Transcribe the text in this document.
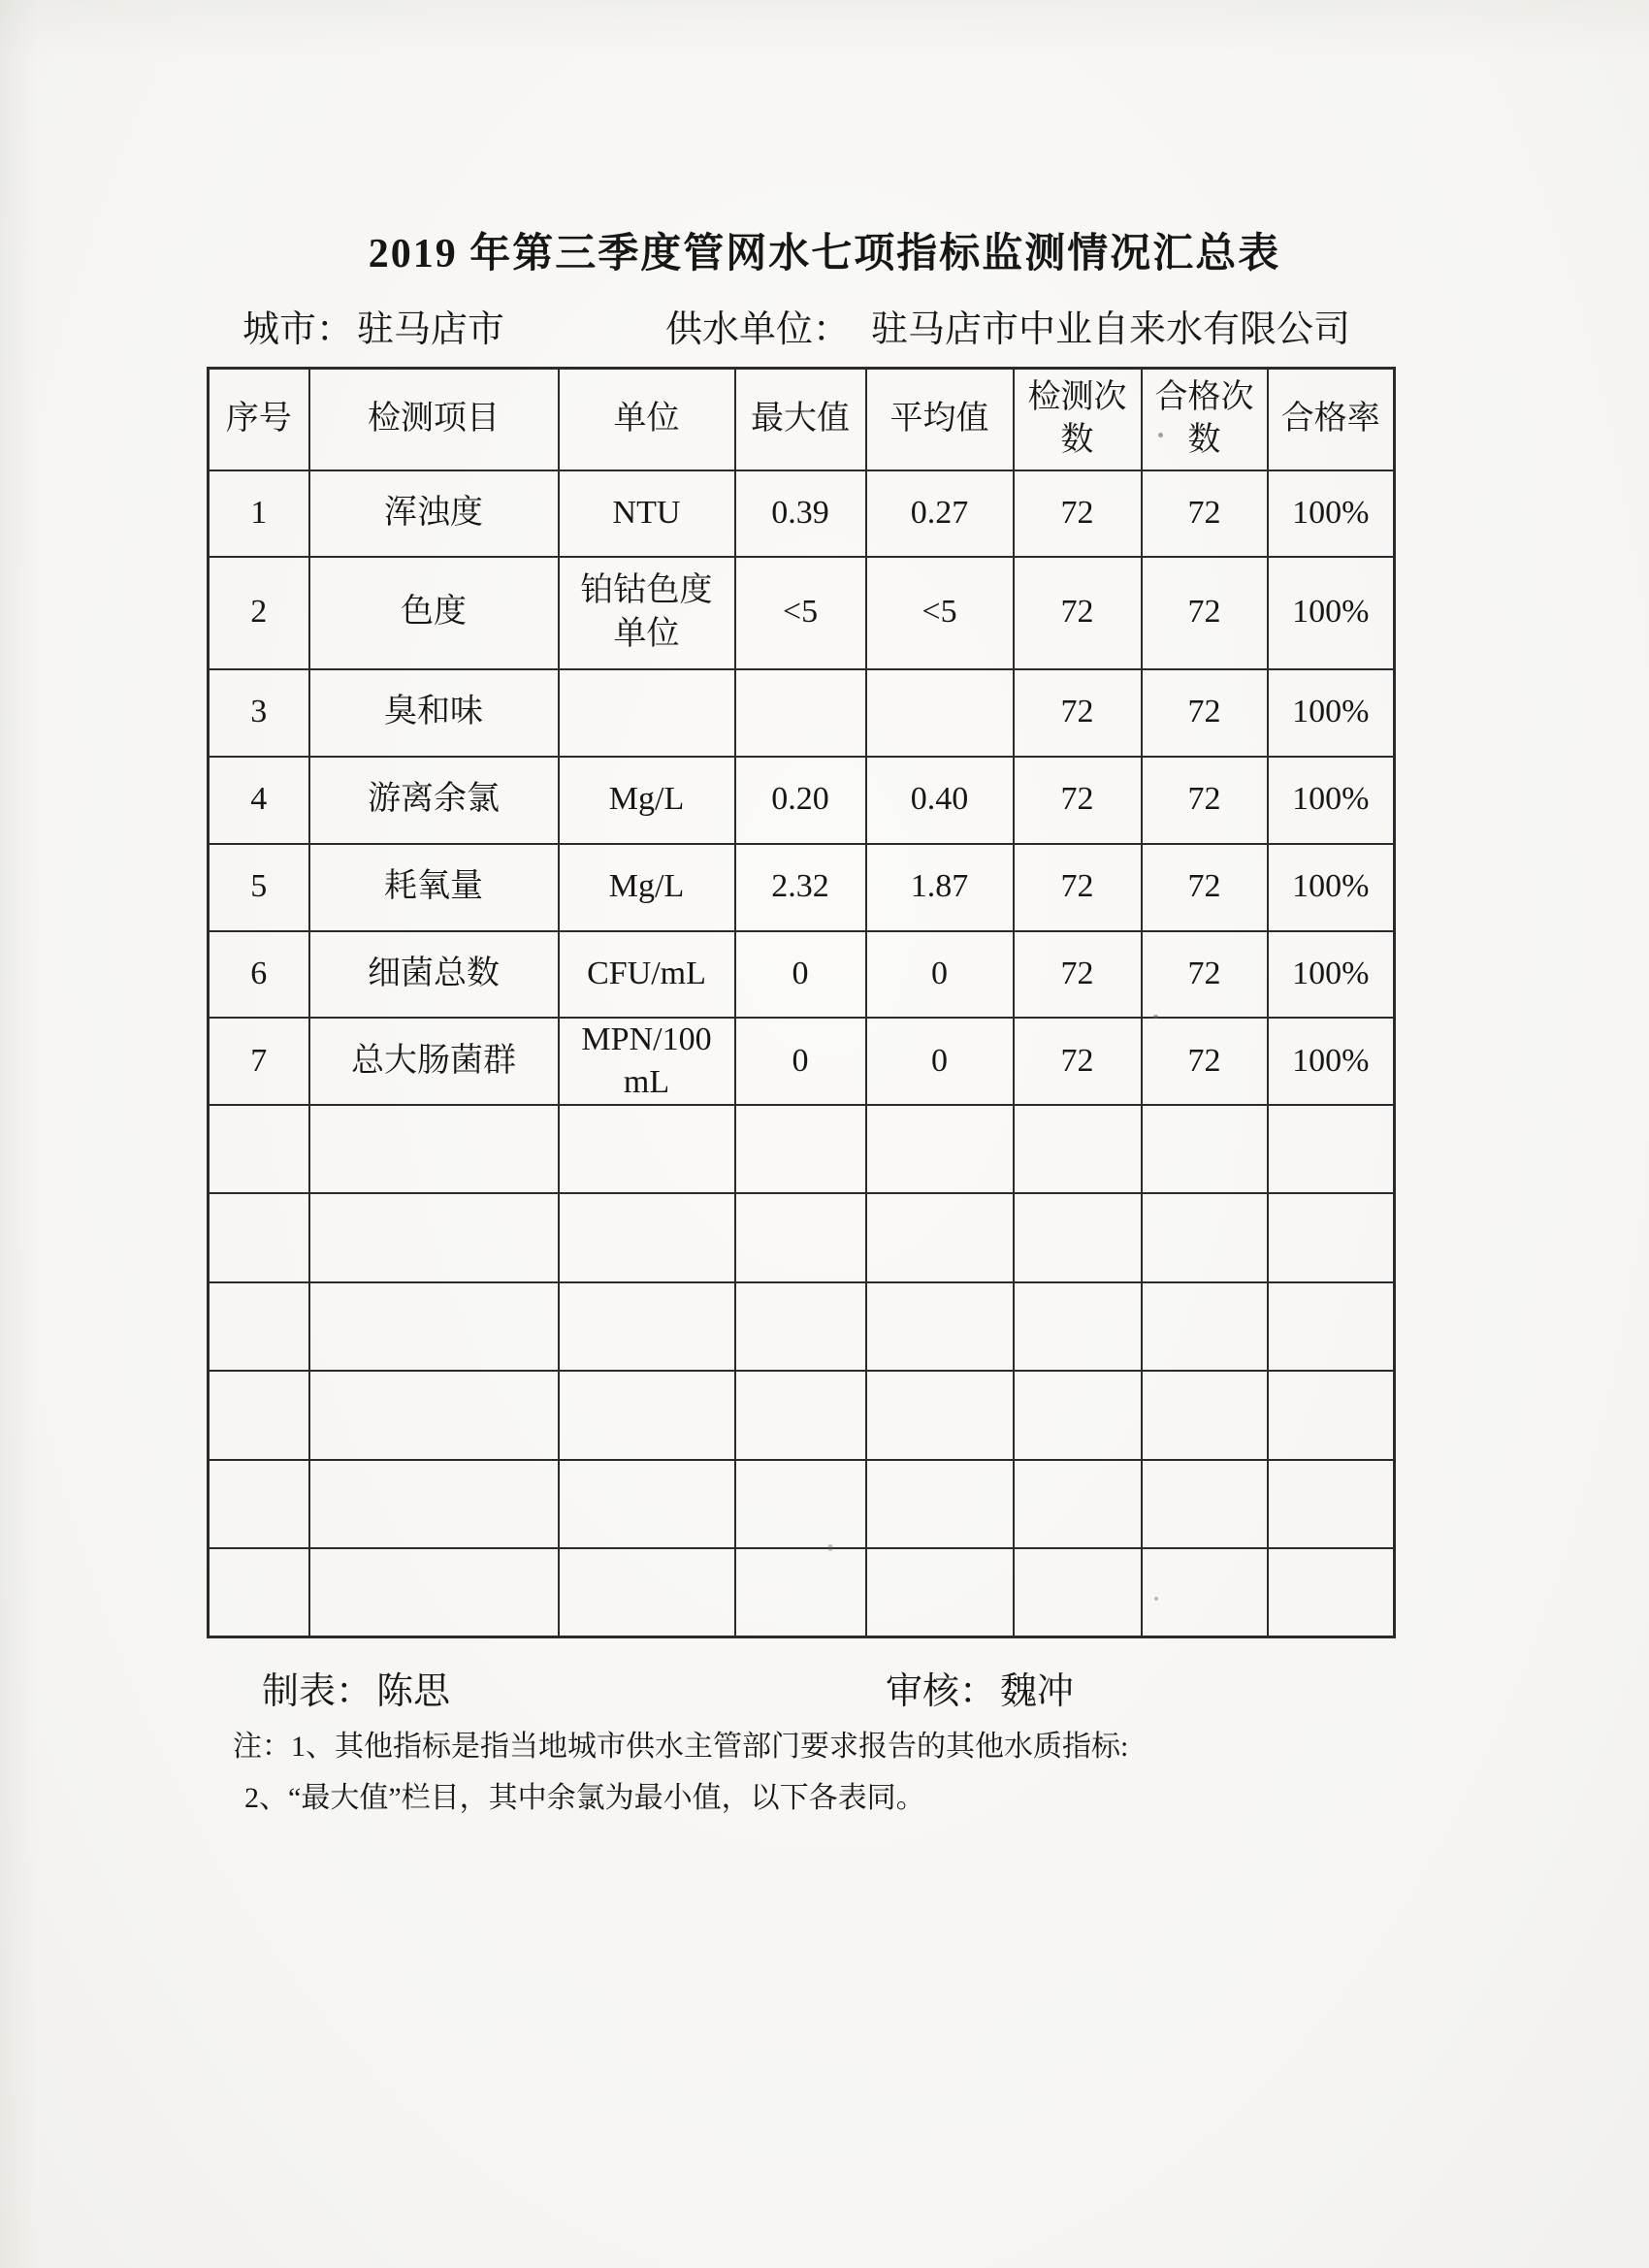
2019 年第三季度管网水七项指标监测情况汇总表
城市： 驻马店市	供水单位： 驻马店市中业自来水有限公司
序号	检测项目	单位	最大值	平均值	检测次数	合格次数	合格率
1	浑浊度	NTU	0.39	0.27	72	72	100%
2	色度	铂钴色度单位	<5	<5	72	72	100%
3	臭和味				72	72	100%
4	游离余氯	Mg/L	0.20	0.40	72	72	100%
5	耗氧量	Mg/L	2.32	1.87	72	72	100%
6	细菌总数	CFU/mL	0	0	72	72	100%
7	总大肠菌群	MPN/100mL	0	0	72	72	100%

制表： 陈思	审核： 魏冲

注：1、其他指标是指当地城市供水主管部门要求报告的其他水质指标:

2、“最大值”栏目，其中余氯为最小值，以下各表同。
